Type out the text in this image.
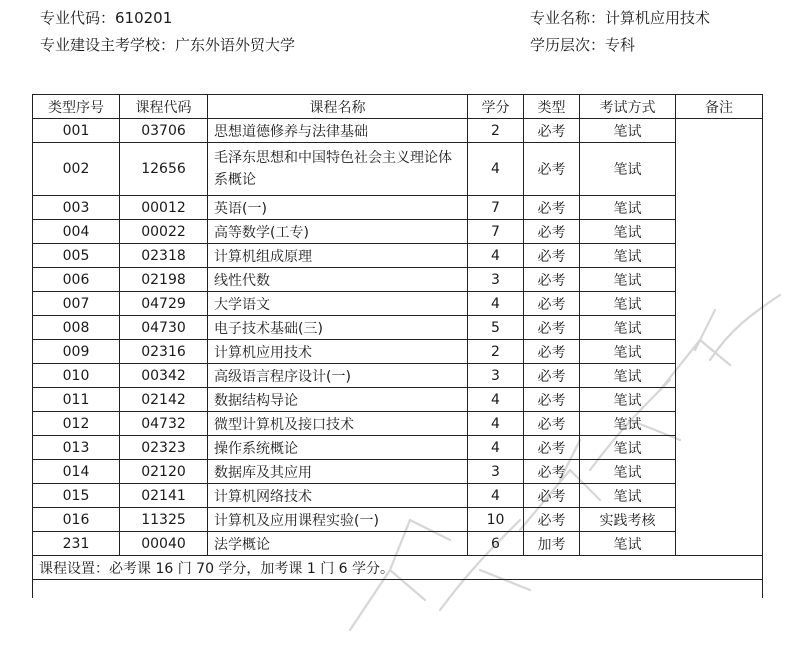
专业代码：610201
专业建设主考学校：广东外语外贸大学
专业名称：计算机应用技术
学历层次：专科
类型序号	课程代码	课程名称	学分	类型	考试方式	备注
001	03706	思想道德修养与法律基础	2	必考	笔试	
002	12656	毛泽东思想和中国特色社会主义理论体系概论	4	必考	笔试	
003	00012	英语(一)	7	必考	笔试	
004	00022	高等数学(工专)	7	必考	笔试	
005	02318	计算机组成原理	4	必考	笔试	
006	02198	线性代数	3	必考	笔试	
007	04729	大学语文	4	必考	笔试	
008	04730	电子技术基础(三)	5	必考	笔试	
009	02316	计算机应用技术	2	必考	笔试	
010	00342	高级语言程序设计(一)	3	必考	笔试	
011	02142	数据结构导论	4	必考	笔试	
012	04732	微型计算机及接口技术	4	必考	笔试	
013	02323	操作系统概论	4	必考	笔试	
014	02120	数据库及其应用	3	必考	笔试	
015	02141	计算机网络技术	4	必考	笔试	
016	11325	计算机及应用课程实验(一)	10	必考	实践考核	
231	00040	法学概论	6	加考	笔试	
课程设置：必考课 16 门 70 学分，加考课 1 门 6 学分。						
